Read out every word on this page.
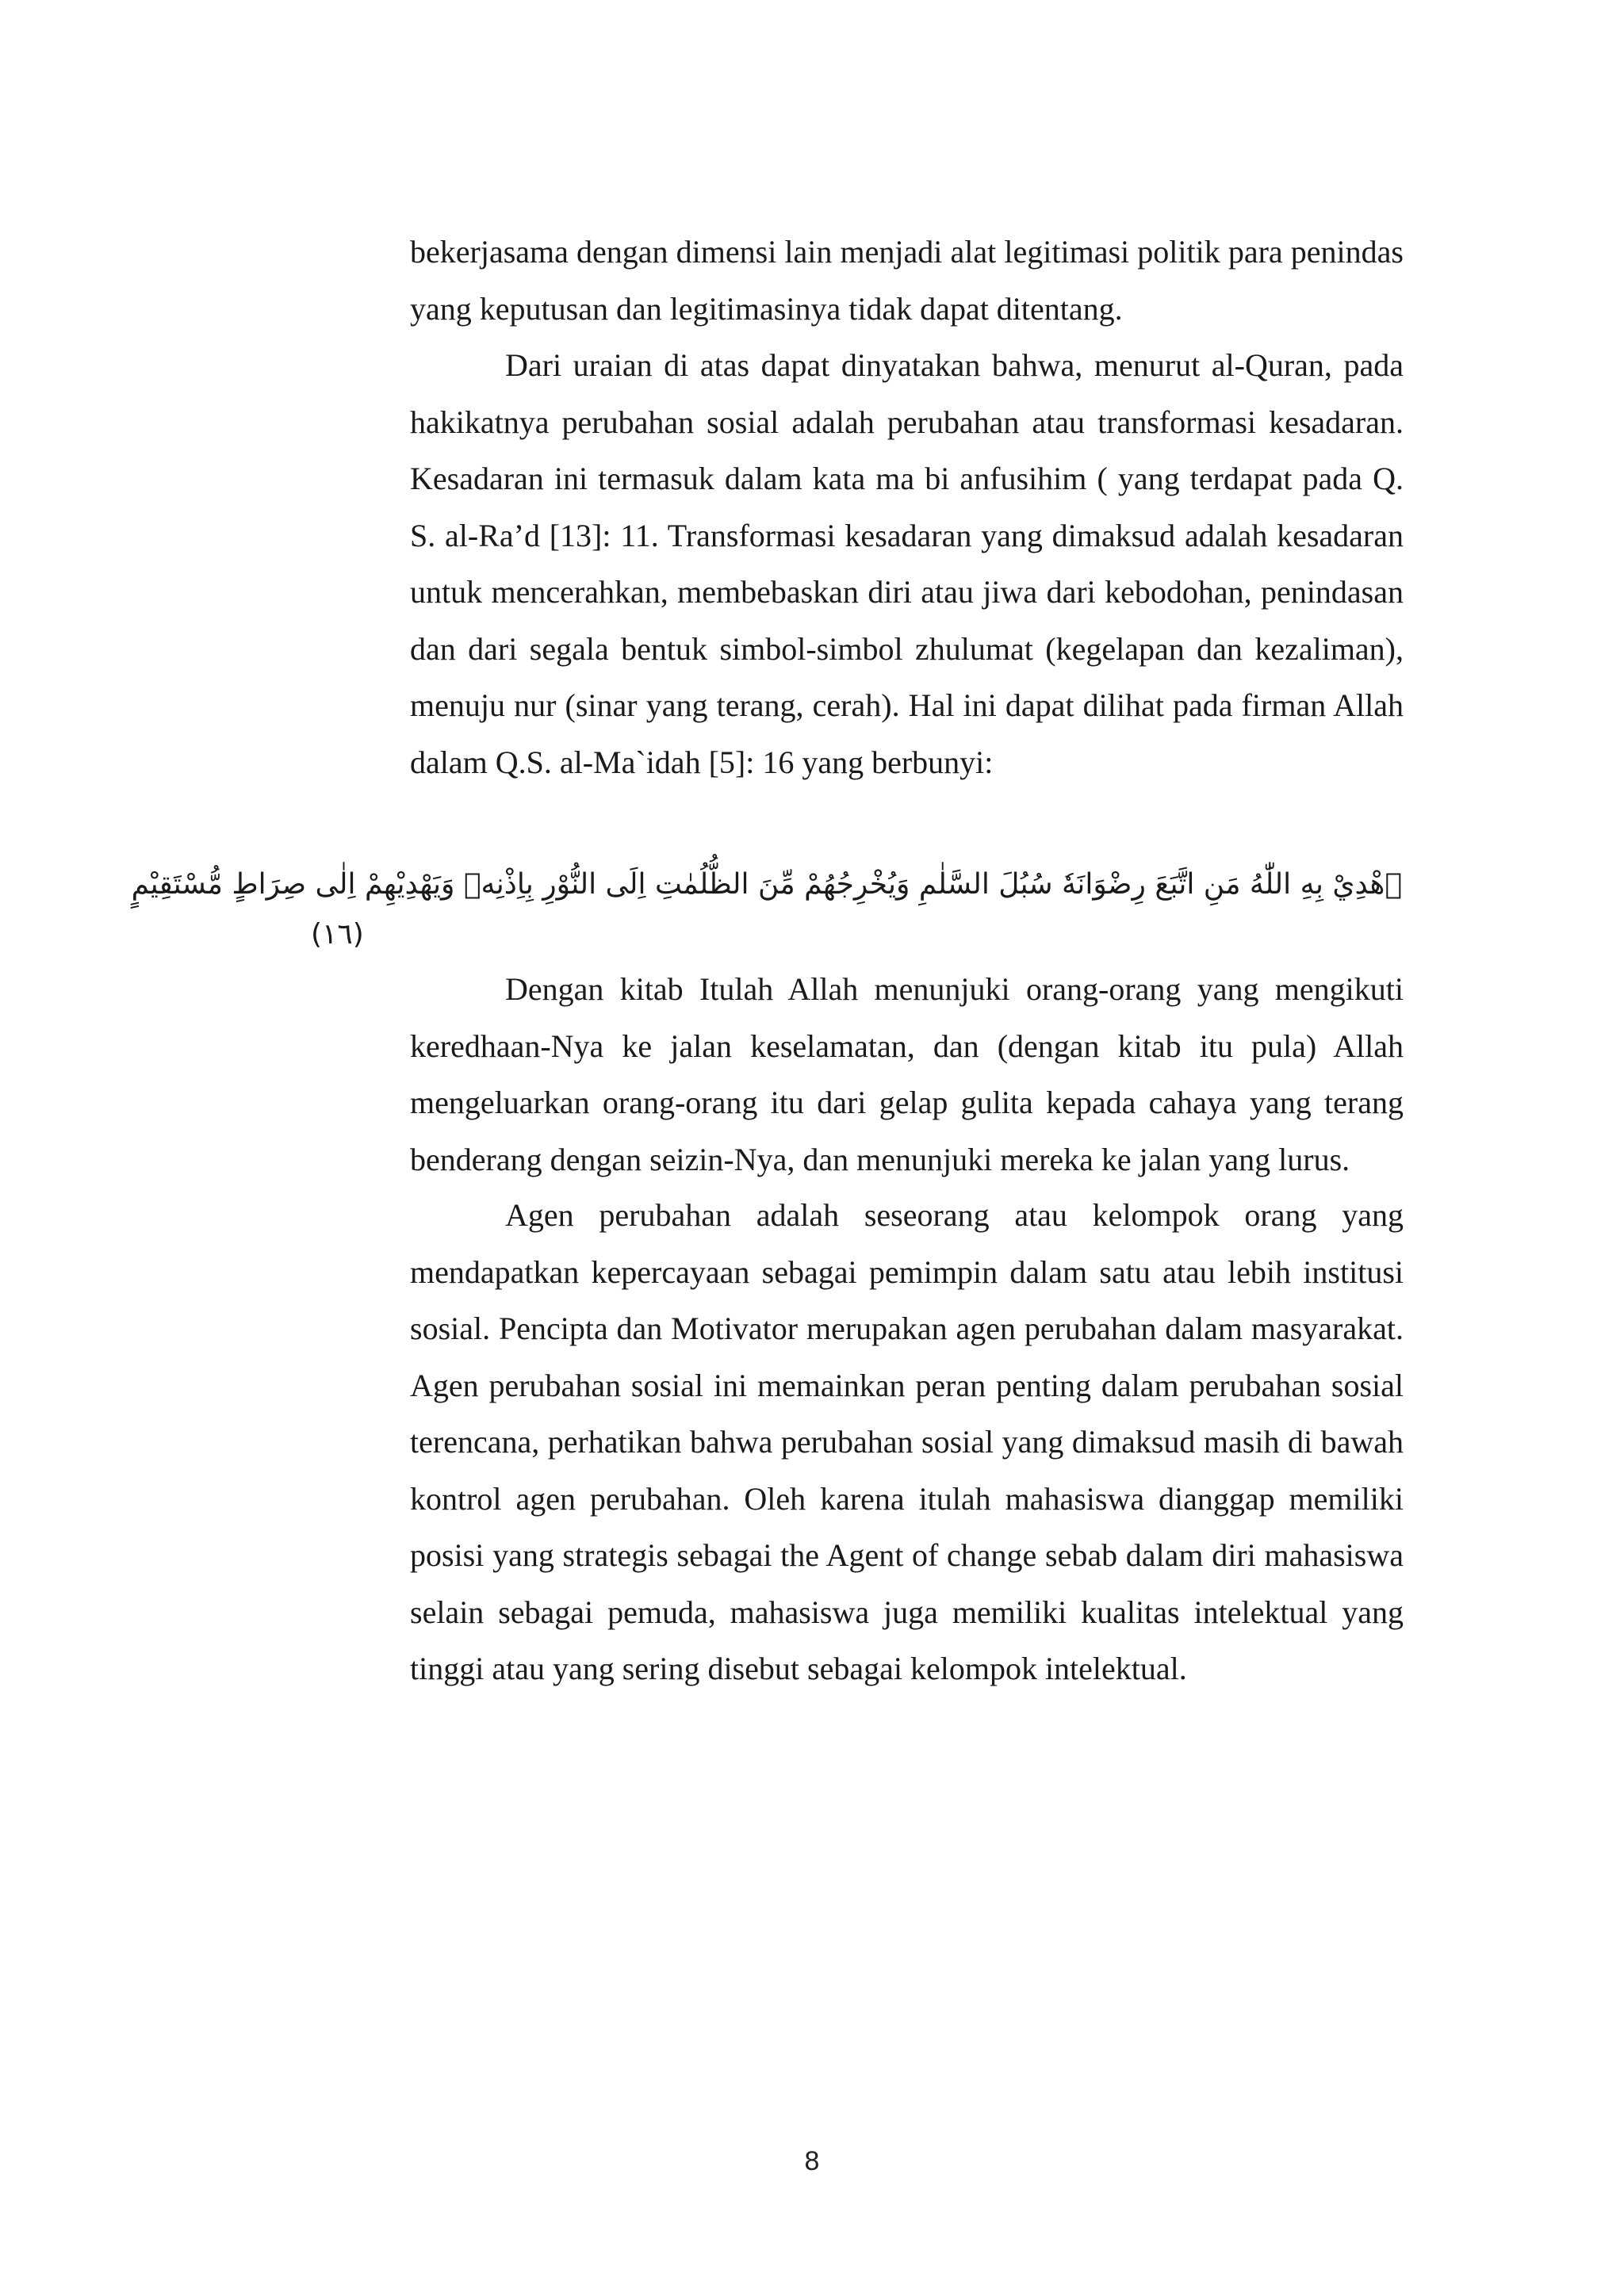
bekerjasama dengan dimensi lain menjadi alat legitimasi politik para penindas yang keputusan dan legitimasinya tidak dapat ditentang.

Dari uraian di atas dapat dinyatakan bahwa, menurut al-Quran, pada hakikatnya perubahan sosial adalah perubahan atau transformasi kesadaran. Kesadaran ini termasuk dalam kata ma bi anfusihim ( yang terdapat pada Q. S. al-Ra’d [13]: 11. Transformasi kesadaran yang dimaksud adalah kesadaran untuk mencerahkan, membebaskan diri atau jiwa dari kebodohan, penindasan dan dari segala bentuk simbol-simbol zhulumat (kegelapan dan kezaliman), menuju nur (sinar yang terang, cerah). Hal ini dapat dilihat pada firman Allah dalam Q.S. al-Ma`idah [5]: 16 yang berbunyi:

ۨهْدِيْ بِهِ اللّٰهُ مَنِ اتَّبَعَ رِضْوَانَهٗ سُبُلَ السَّلٰمِ وَيُخْرِجُهُمْ مِّنَ الظُّلُمٰتِ اِلَى النُّوْرِ بِاِذْنِهٖ وَيَهْدِيْهِمْ اِلٰى صِرَاطٍ مُّسْتَقِيْمٍ

(١٦)

Dengan kitab Itulah Allah menunjuki orang-orang yang mengikuti keredhaan-Nya ke jalan keselamatan, dan (dengan kitab itu pula) Allah mengeluarkan orang-orang itu dari gelap gulita kepada cahaya yang terang benderang dengan seizin-Nya, dan menunjuki mereka ke jalan yang lurus.

Agen perubahan adalah seseorang atau kelompok orang yang mendapatkan kepercayaan sebagai pemimpin dalam satu atau lebih institusi sosial. Pencipta dan Motivator merupakan agen perubahan dalam masyarakat. Agen perubahan sosial ini memainkan peran penting dalam perubahan sosial terencana, perhatikan bahwa perubahan sosial yang dimaksud masih di bawah kontrol agen perubahan. Oleh karena itulah mahasiswa dianggap memiliki posisi yang strategis sebagai the Agent of change sebab dalam diri mahasiswa selain sebagai pemuda, mahasiswa juga memiliki kualitas intelektual yang tinggi atau yang sering disebut sebagai kelompok intelektual.

8
